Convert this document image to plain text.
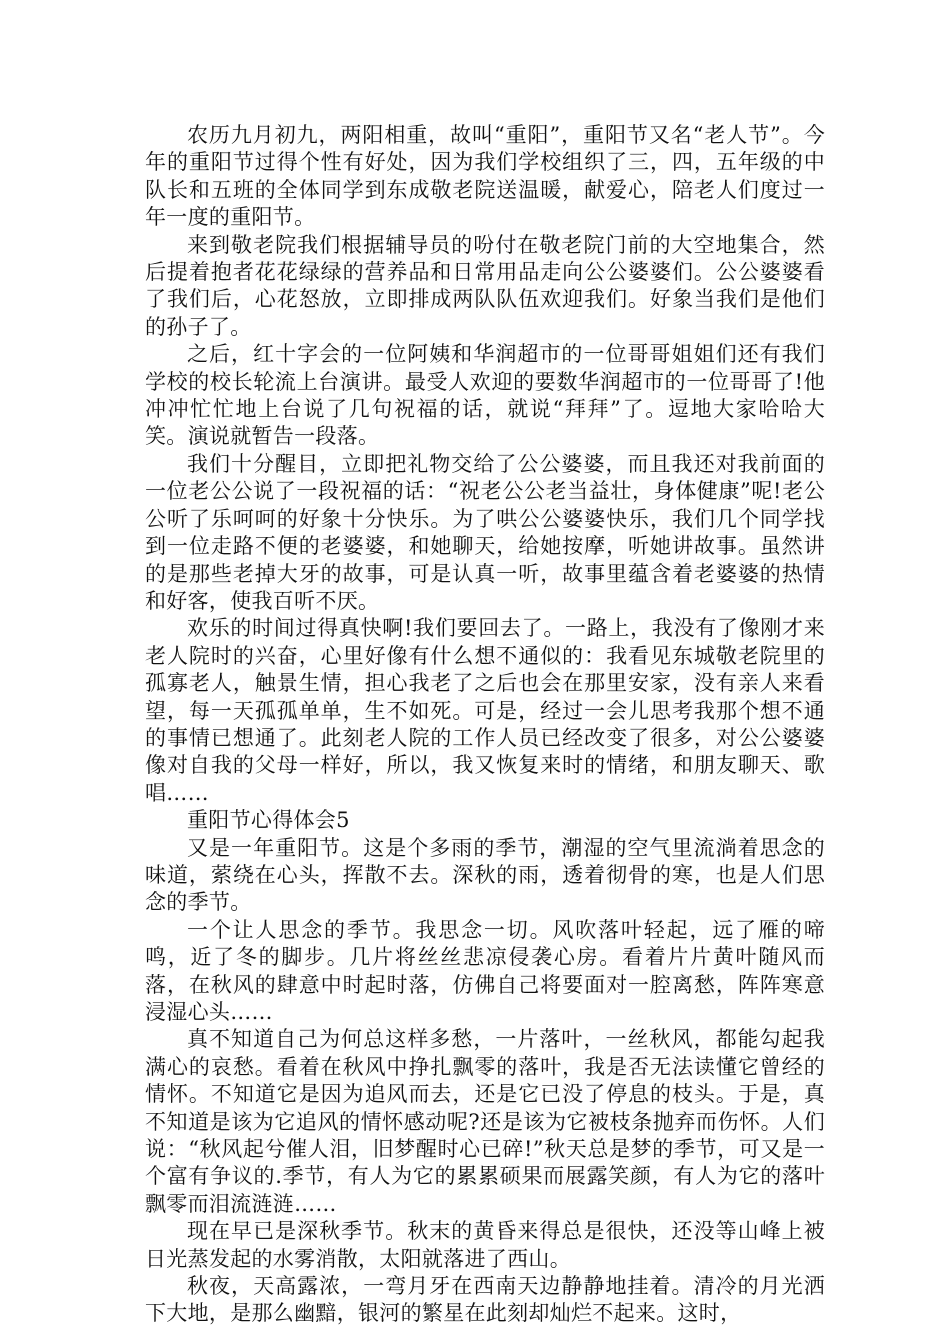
农历九月初九，两阳相重，故叫“重阳”，重阳节又名“老人节”。今年的重阳节过得个性有好处，因为我们学校组织了三，四，五年级的中队长和五班的全体同学到东成敬老院送温暖，献爱心，陪老人们度过一年一度的重阳节。

来到敬老院我们根据辅导员的吩付在敬老院门前的大空地集合，然后提着抱者花花绿绿的营养品和日常用品走向公公婆婆们。公公婆婆看了我们后，心花怒放，立即排成两队队伍欢迎我们。好象当我们是他们的孙子了。

之后，红十字会的一位阿姨和华润超市的一位哥哥姐姐们还有我们学校的校长轮流上台演讲。最受人欢迎的要数华润超市的一位哥哥了!他冲冲忙忙地上台说了几句祝福的话，就说“拜拜”了。逗地大家哈哈大笑。演说就暂告一段落。

我们十分醒目，立即把礼物交给了公公婆婆，而且我还对我前面的一位老公公说了一段祝福的话：“祝老公公老当益壮，身体健康”呢!老公公听了乐呵呵的好象十分快乐。为了哄公公婆婆快乐，我们几个同学找到一位走路不便的老婆婆，和她聊天，给她按摩，听她讲故事。虽然讲的是那些老掉大牙的故事，可是认真一听，故事里蕴含着老婆婆的热情和好客，使我百听不厌。

欢乐的时间过得真快啊!我们要回去了。一路上，我没有了像刚才来老人院时的兴奋，心里好像有什么想不通似的：我看见东城敬老院里的孤寡老人，触景生情，担心我老了之后也会在那里安家，没有亲人来看望，每一天孤孤单单，生不如死。可是，经过一会儿思考我那个想不通的事情已想通了。此刻老人院的工作人员已经改变了很多，对公公婆婆像对自我的父母一样好，所以，我又恢复来时的情绪，和朋友聊天、歌唱……

重阳节心得体会5

又是一年重阳节。这是个多雨的季节，潮湿的空气里流淌着思念的味道，萦绕在心头，挥散不去。深秋的雨，透着彻骨的寒，也是人们思念的季节。

一个让人思念的季节。我思念一切。风吹落叶轻起，远了雁的啼鸣，近了冬的脚步。几片将丝丝悲凉侵袭心房。看着片片黄叶随风而落，在秋风的肆意中时起时落，仿佛自己将要面对一腔离愁，阵阵寒意浸湿心头……

真不知道自己为何总这样多愁，一片落叶，一丝秋风，都能勾起我满心的哀愁。看着在秋风中挣扎飘零的落叶，我是否无法读懂它曾经的情怀。不知道它是因为追风而去，还是它已没了停息的枝头。于是，真不知道是该为它追风的情怀感动呢?还是该为它被枝条抛弃而伤怀。人们说：“秋风起兮催人泪，旧梦醒时心已碎!”秋天总是梦的季节，可又是一个富有争议的.季节，有人为它的累累硕果而展露笑颜，有人为它的落叶飘零而泪流涟涟……

现在早已是深秋季节。秋末的黄昏来得总是很快，还没等山峰上被日光蒸发起的水雾消散，太阳就落进了西山。

秋夜，天高露浓，一弯月牙在西南天边静静地挂着。清冷的月光洒下大地，是那么幽黯，银河的繁星在此刻却灿烂不起来。这时，
